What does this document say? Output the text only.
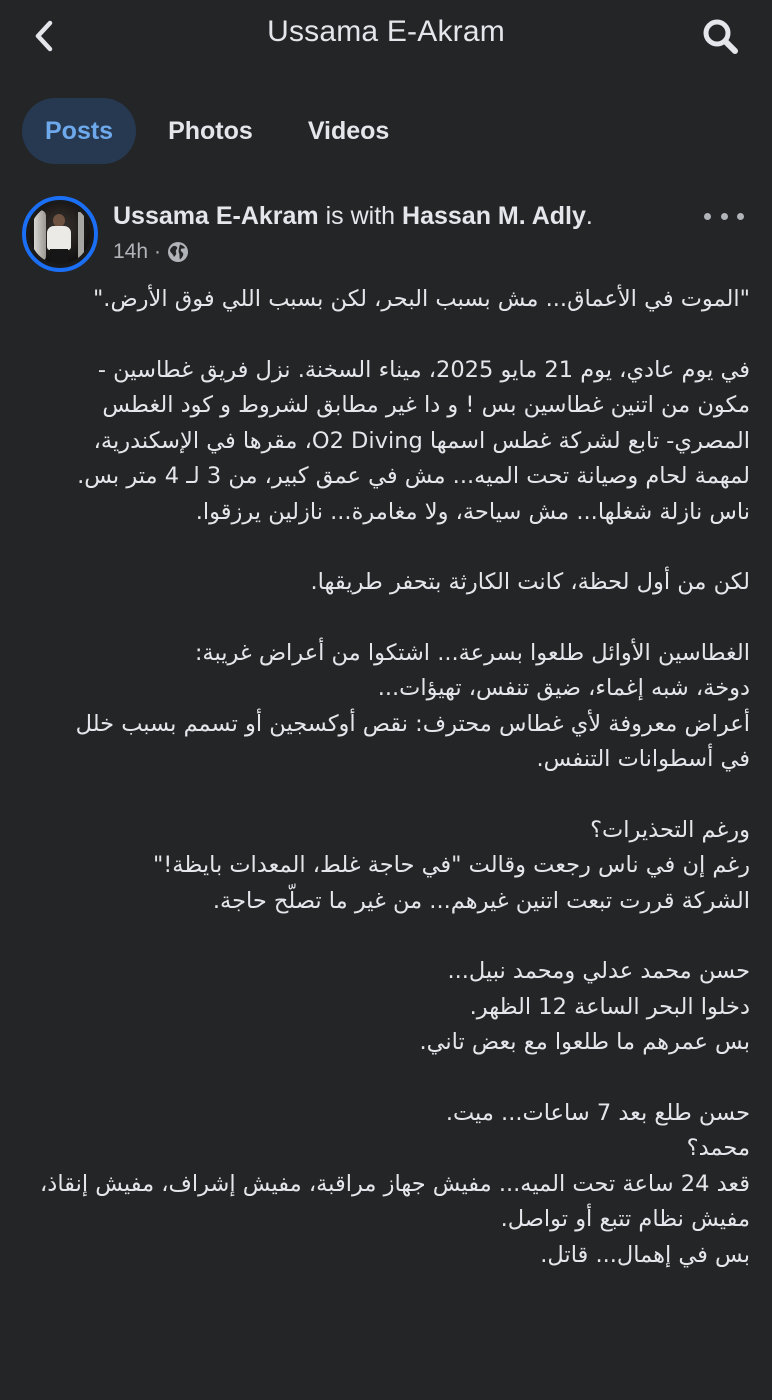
Ussama E-Akram
Posts	Photos	Videos
Ussama E-Akram is with Hassan M. Adly.
14h ·

"الموت في الأعماق... مش بسبب البحر، لكن بسبب اللي فوق الأرض."

في يوم عادي، يوم 21 مايو 2025، ميناء السخنة. نزل فريق غطاسين -
مكون من اتنين غطاسين بس ! و دا غير مطابق لشروط و كود الغطس
المصري- تابع لشركة غطس اسمها O2 Diving، مقرها في الإسكندرية،
لمهمة لحام وصيانة تحت الميه... مش في عمق كبير، من 3 لـ 4 متر بس.
ناس نازلة شغلها... مش سياحة، ولا مغامرة... نازلين يرزقوا.

لكن من أول لحظة، كانت الكارثة بتحفر طريقها.

الغطاسين الأوائل طلعوا بسرعة... اشتكوا من أعراض غريبة:
دوخة، شبه إغماء، ضيق تنفس، تهيؤات...
أعراض معروفة لأي غطاس محترف: نقص أوكسجين أو تسمم بسبب خلل
في أسطوانات التنفس.

ورغم التحذيرات؟
رغم إن في ناس رجعت وقالت "في حاجة غلط، المعدات بايظة!"
الشركة قررت تبعت اتنين غيرهم... من غير ما تصلّح حاجة.

حسن محمد عدلي ومحمد نبيل...
دخلوا البحر الساعة 12 الظهر.
بس عمرهم ما طلعوا مع بعض تاني.

حسن طلع بعد 7 ساعات... ميت.
محمد؟
قعد 24 ساعة تحت الميه... مفيش جهاز مراقبة، مفيش إشراف، مفيش إنقاذ،
مفيش نظام تتبع أو تواصل.
بس في إهمال... قاتل.
